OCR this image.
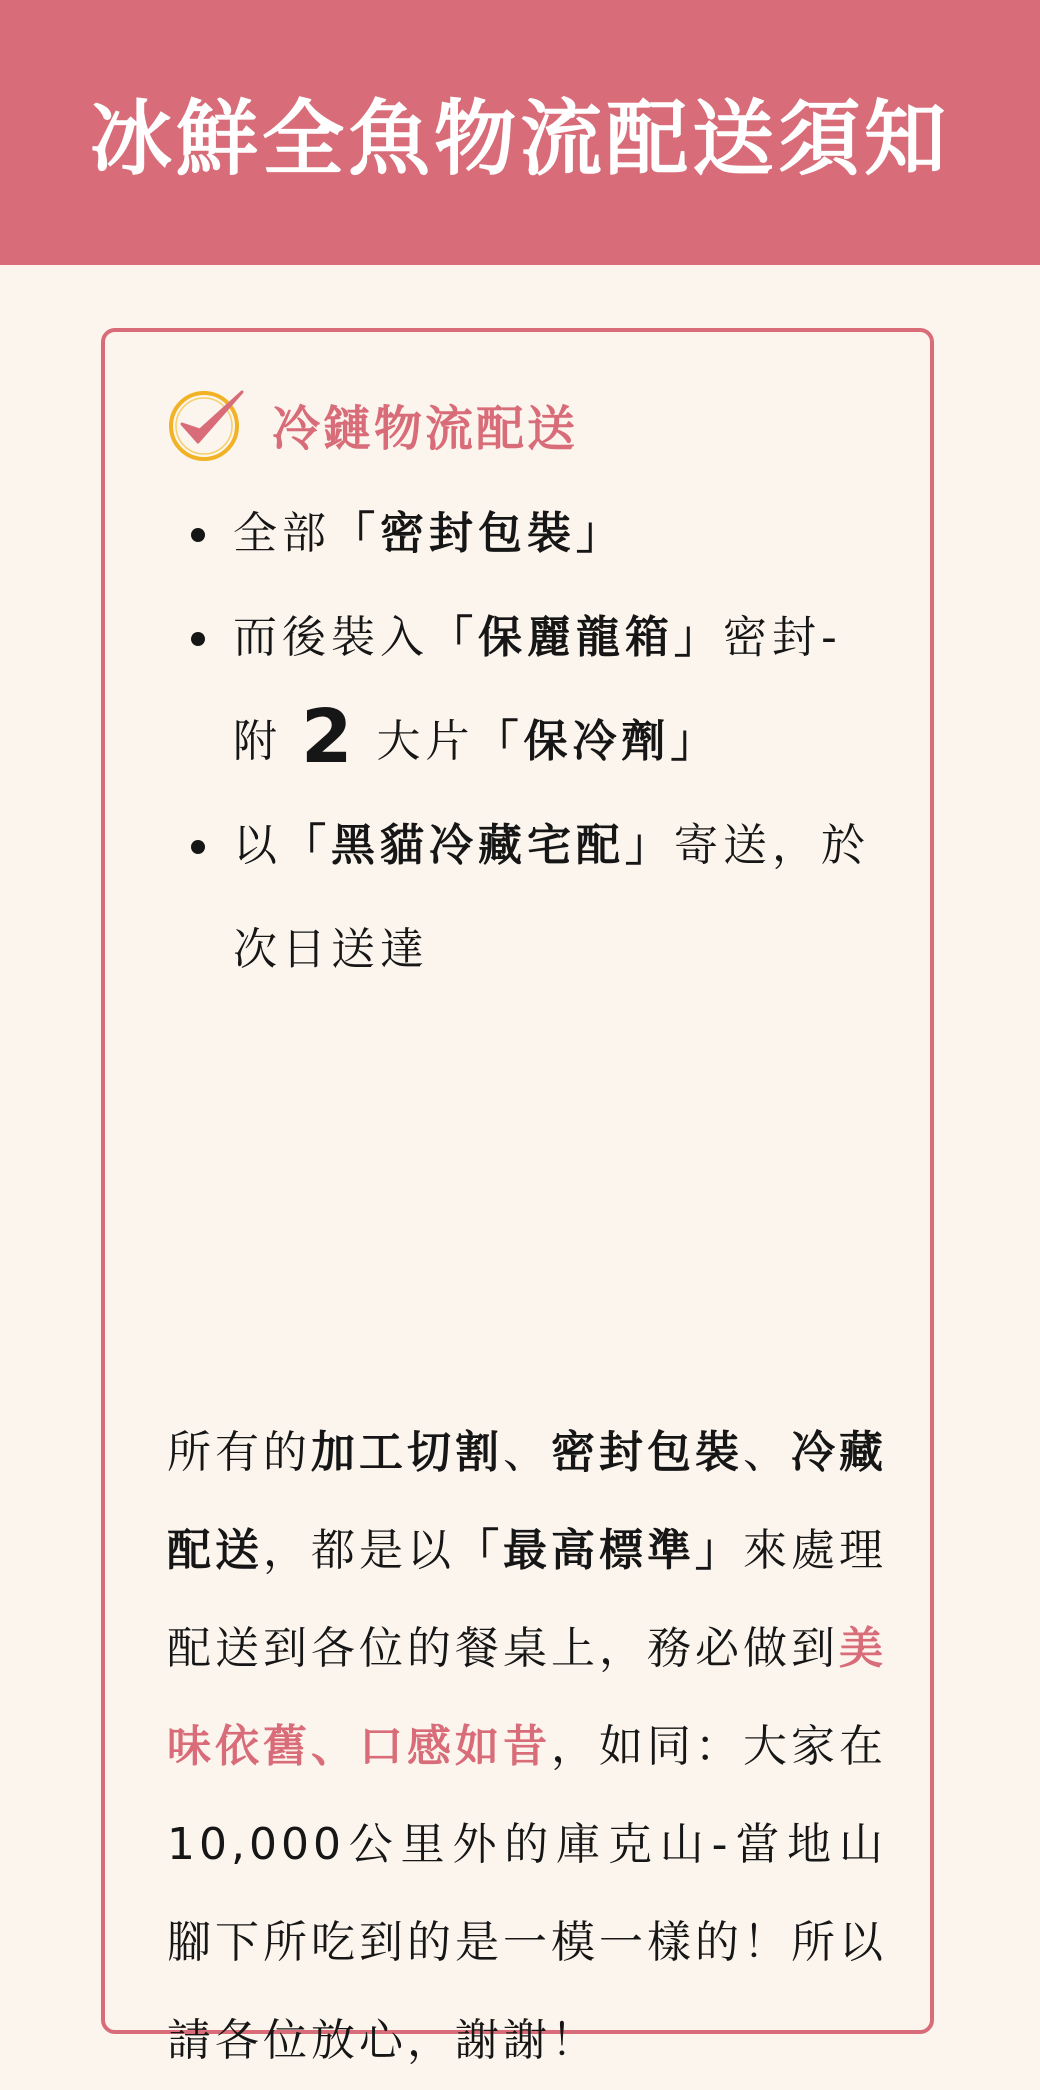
冰鮮全魚物流配送須知
冷鏈物流配送
全部「密封包裝」
而後裝入「保麗龍箱」密封-附 2 大片「保冷劑」
以「黑貓冷藏宅配」寄送，於次日送達

所有的加工切割、密封包裝、冷藏配送，都是以「最高標準」來處理配送到各位的餐桌上，務必做到美味依舊、口感如昔，如同：大家在10,000公里外的庫克山-當地山腳下所吃到的是一模一樣的！所以請各位放心，謝謝！
